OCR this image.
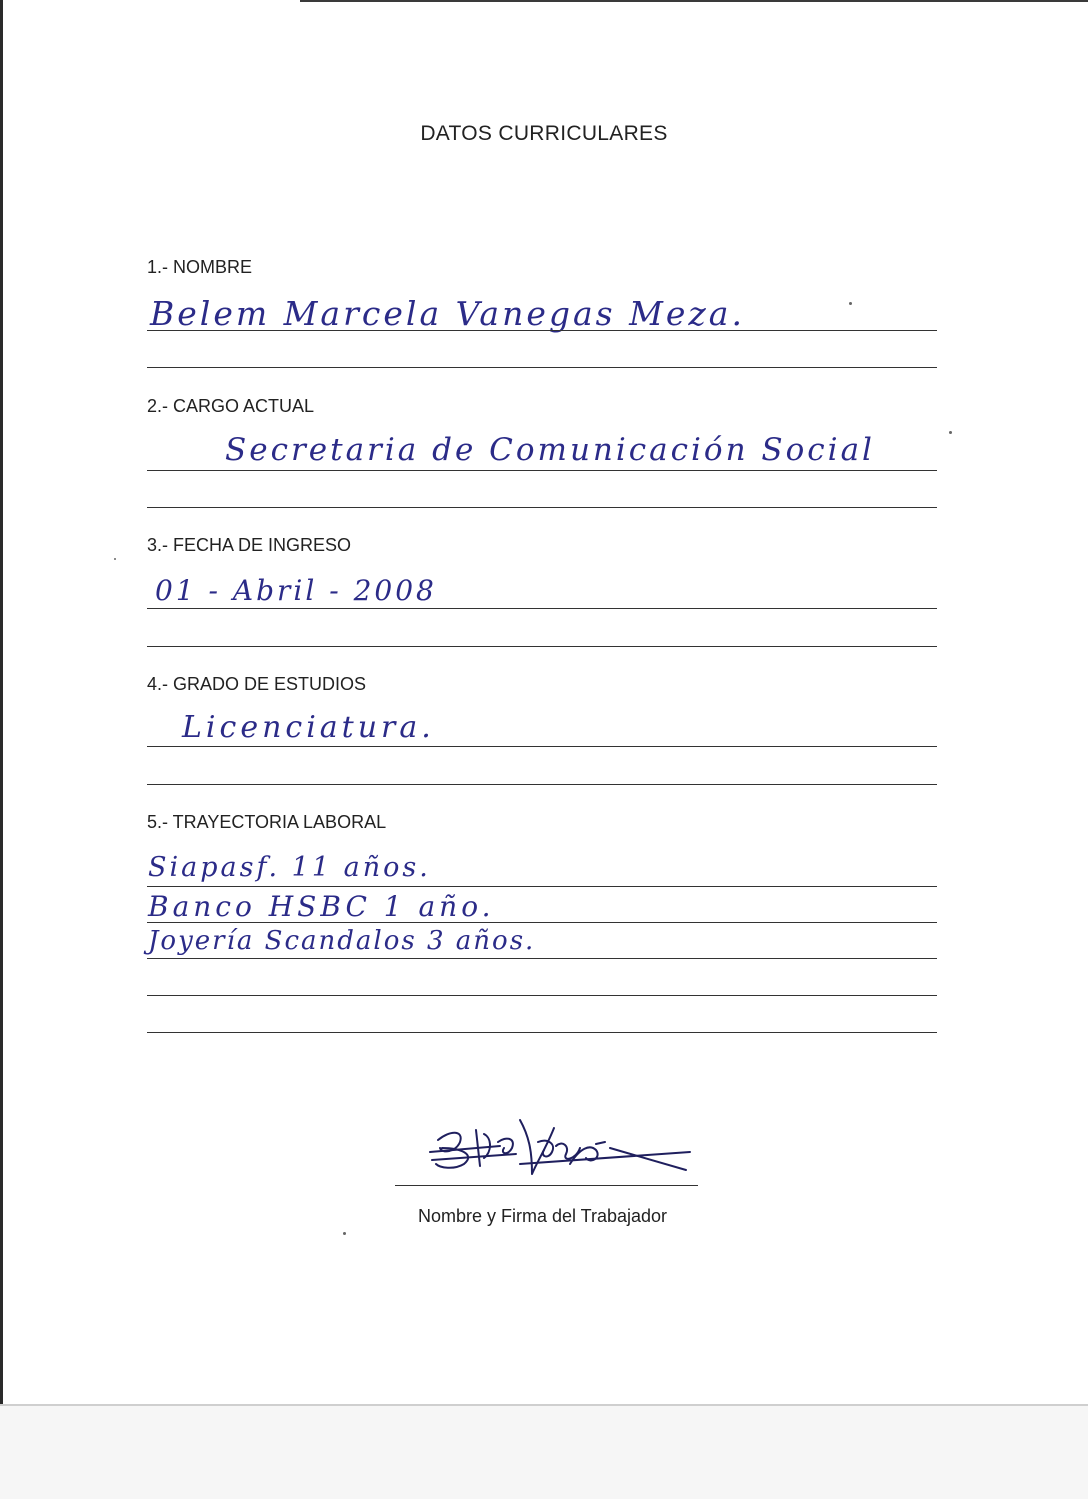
DATOS CURRICULARES
1.- NOMBRE
Belem Marcela Vanegas Meza.
2.- CARGO ACTUAL
Secretaria de Comunicación Social
3.- FECHA DE INGRESO
01 - Abril - 2008
4.- GRADO DE ESTUDIOS
Licenciatura.
5.- TRAYECTORIA LABORAL
Siapasf. 11 años.
Banco HSBC 1 año.
Joyería Scandalos 3 años.
Nombre y Firma del Trabajador
